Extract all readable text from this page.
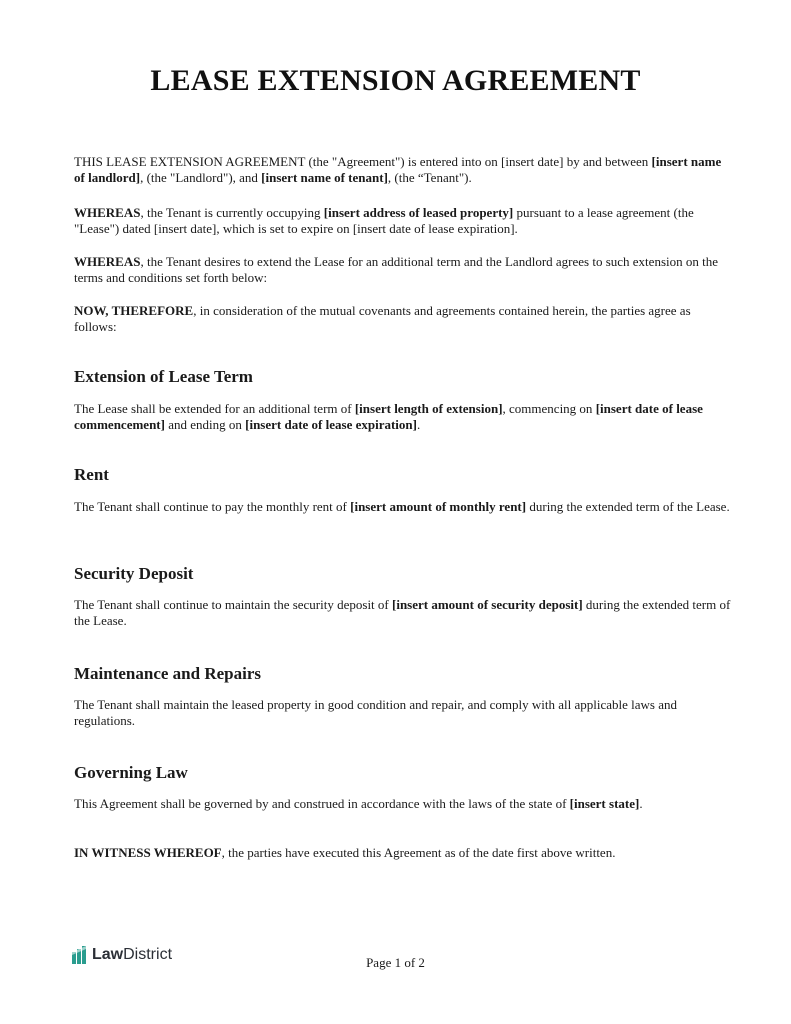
LEASE EXTENSION AGREEMENT
THIS LEASE EXTENSION AGREEMENT (the "Agreement") is entered into on [insert date] by and between [insert name of landlord], (the "Landlord"), and [insert name of tenant], (the “Tenant").
WHEREAS, the Tenant is currently occupying [insert address of leased property] pursuant to a lease agreement (the "Lease") dated [insert date], which is set to expire on [insert date of lease expiration].
WHEREAS, the Tenant desires to extend the Lease for an additional term and the Landlord agrees to such extension on the terms and conditions set forth below:
NOW, THEREFORE, in consideration of the mutual covenants and agreements contained herein, the parties agree as follows:
Extension of Lease Term
The Lease shall be extended for an additional term of [insert length of extension], commencing on [insert date of lease commencement] and ending on [insert date of lease expiration].
Rent
The Tenant shall continue to pay the monthly rent of [insert amount of monthly rent] during the extended term of the Lease.
Security Deposit
The Tenant shall continue to maintain the security deposit of [insert amount of security deposit] during the extended term of the Lease.
Maintenance and Repairs
The Tenant shall maintain the leased property in good condition and repair, and comply with all applicable laws and regulations.
Governing Law
This Agreement shall be governed by and construed in accordance with the laws of the state of [insert state].
IN WITNESS WHEREOF, the parties have executed this Agreement as of the date first above written.
LawDistrict	Page 1 of 2
